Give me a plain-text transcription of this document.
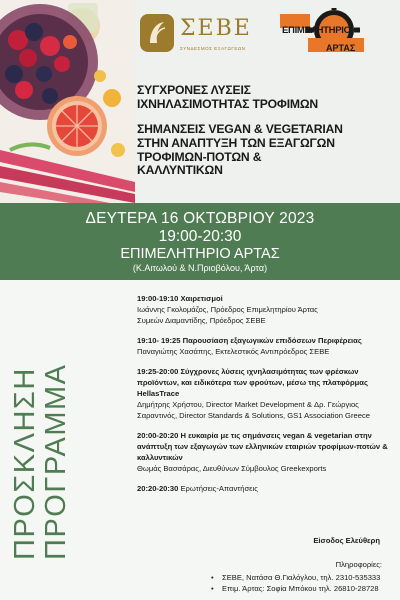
ΣΕΒΕ
ΣΥΝΔΕΣΜΟΣ ΕΞΑΓΩΓΕΩΝ
ΕΠΙΜΕΛΗΤΗΡΙΟ
ΑΡΤΑΣ
ΣΥΓΧΡΟΝΕΣ ΛΥΣΕΙΣ
ΙΧΝΗΛΑΣΙΜΟΤΗΤΑΣ ΤΡΟΦΙΜΩΝ
ΣΗΜΑΝΣΕΙΣ VEGAN & VEGETARIAN
ΣΤΗΝ ΑΝΑΠΤΥΞΗ ΤΩΝ ΕΞΑΓΩΓΩΝ
ΤΡΟΦΙΜΩΝ-ΠΟΤΩΝ &
ΚΑΛΛΥΝΤΙΚΩΝ
ΔΕΥΤΕΡΑ 16 ΟΚΤΩΒΡΙΟΥ 2023
19:00-20:30
ΕΠΙΜΕΛΗΤΗΡΙΟ ΑΡΤΑΣ
(Κ.Αιτωλού & Ν.Πριοβόλου, Άρτα)
ΠΡΟΣΚΛΗΣΗ ΠΡΟΓΡΑΜΜΑ
19:00-19:10 Χαιρετισμοί
Ιωάννης Γκολομάζος, Πρόεδρος Επιμελητηρίου Άρτας
Συμεών Διαμαντίδης, Πρόεδρος ΣΕΒΕ
19:10- 19:25 Παρουσίαση εξαγωγικών επιδόσεων Περιφέρειας
Παναγιώτης Χασάπης, Εκτελεστικός Αντιπρόεδρος ΣΕΒΕ
19:25-20:00 Σύγχρονες λύσεις ιχνηλασιμότητας των φρέσκων προϊόντων, και ειδικότερα των φρούτων, μέσω της πλατφόρμας HellasTrace
Δημήτρης Χρήστου, Director Market Development & Δρ. Γεώργιος Σαραντινός, Director Standards & Solutions, GS1 Association Greece
20:00-20:20 Η ευκαιρία με τις σημάνσεις vegan & vegetarian στην ανάπτυξη των εξαγωγών των ελληνικών εταιριών τροφίμων-ποτών & καλλυντικών
Θωμάς Βασσάρας, Διευθύνων Σύμβουλος Greekexports
20:20-20:30 Ερωτήσεις-Απαντήσεις
Είσοδος Ελεύθερη
Πληροφορίες:
• ΣΕΒΕ, Νατάσα Θ.Γιαλόγλου, τηλ. 2310-535333
• Επιμ. Άρτας: Σοφία Μπόκου τηλ. 26810-28728
